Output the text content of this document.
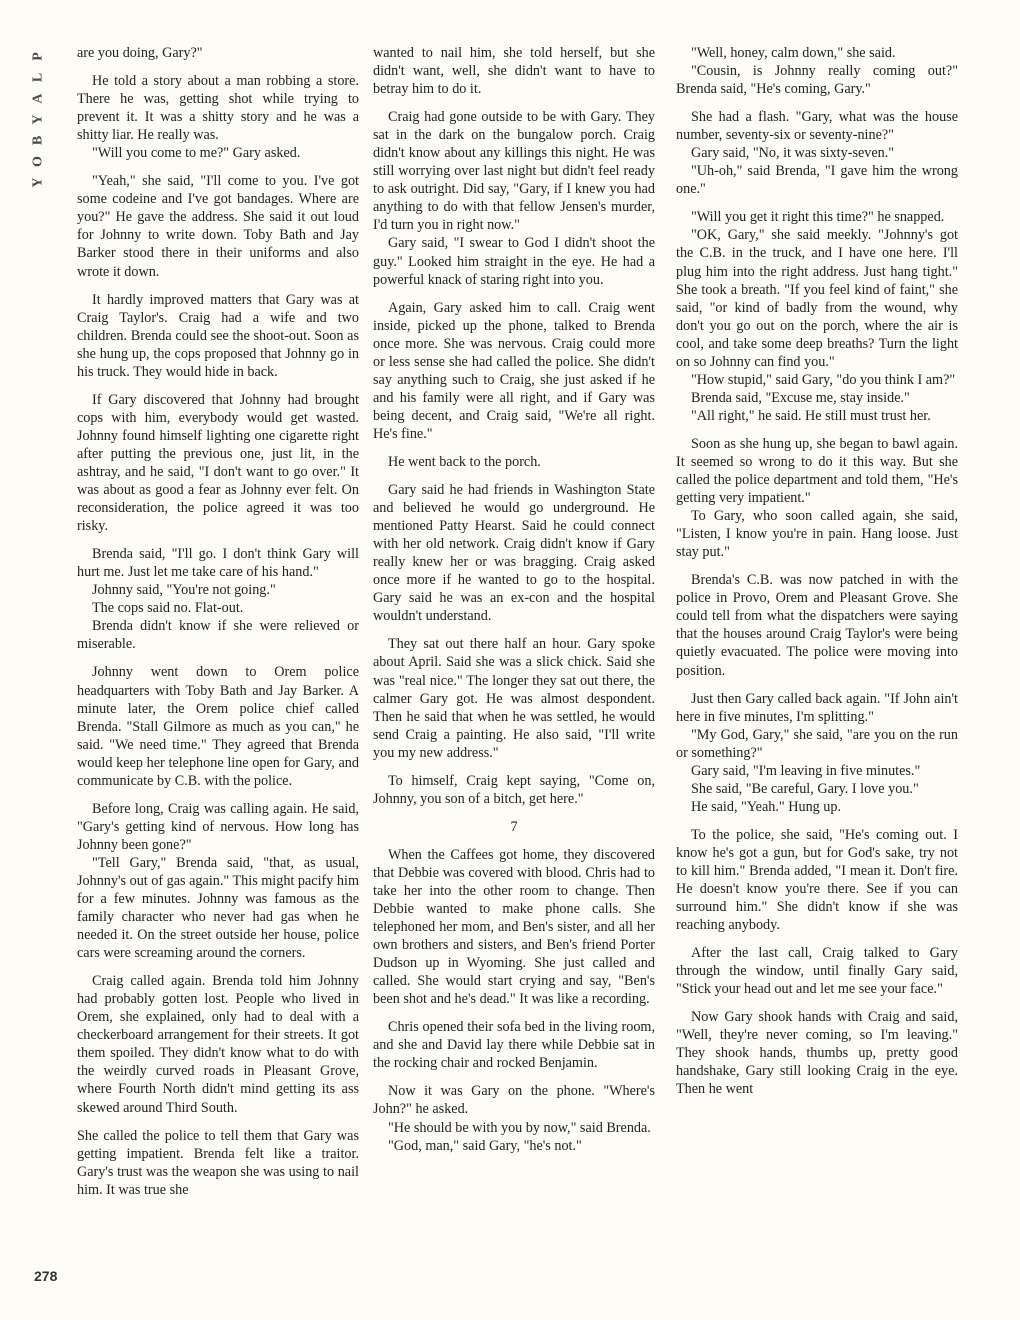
P
L
A
Y
B
O
Y

are you doing, Gary?"

He told a story about a man robbing a store. There he was, getting shot while trying to prevent it. It was a shitty story and he was a shitty liar. He really was.

"Will you come to me?" Gary asked.

"Yeah," she said, "I'll come to you. I've got some codeine and I've got bandages. Where are you?" He gave the address. She said it out loud for Johnny to write down. Toby Bath and Jay Barker stood there in their uniforms and also wrote it down.

It hardly improved matters that Gary was at Craig Taylor's. Craig had a wife and two children. Brenda could see the shoot-out. Soon as she hung up, the cops proposed that Johnny go in his truck. They would hide in back.

If Gary discovered that Johnny had brought cops with him, everybody would get wasted. Johnny found himself lighting one cigarette right after putting the previous one, just lit, in the ashtray, and he said, "I don't want to go over." It was about as good a fear as Johnny ever felt. On reconsideration, the police agreed it was too risky.

Brenda said, "I'll go. I don't think Gary will hurt me. Just let me take care of his hand."

Johnny said, "You're not going."

The cops said no. Flat-out.

Brenda didn't know if she were relieved or miserable.

Johnny went down to Orem police headquarters with Toby Bath and Jay Barker. A minute later, the Orem police chief called Brenda. "Stall Gilmore as much as you can," he said. "We need time." They agreed that Brenda would keep her telephone line open for Gary, and communicate by C.B. with the police.

Before long, Craig was calling again. He said, "Gary's getting kind of nervous. How long has Johnny been gone?"

"Tell Gary," Brenda said, "that, as usual, Johnny's out of gas again." This might pacify him for a few minutes. Johnny was famous as the family character who never had gas when he needed it. On the street outside her house, police cars were screaming around the corners.

Craig called again. Brenda told him Johnny had probably gotten lost. People who lived in Orem, she explained, only had to deal with a checkerboard arrangement for their streets. It got them spoiled. They didn't know what to do with the weirdly curved roads in Pleasant Grove, where Fourth North didn't mind getting its ass skewed around Third South.

She called the police to tell them that Gary was getting impatient. Brenda felt like a traitor. Gary's trust was the weapon she was using to nail him. It was true she

wanted to nail him, she told herself, but she didn't want, well, she didn't want to have to betray him to do it.

Craig had gone outside to be with Gary. They sat in the dark on the bungalow porch. Craig didn't know about any killings this night. He was still worrying over last night but didn't feel ready to ask outright. Did say, "Gary, if I knew you had anything to do with that fellow Jensen's murder, I'd turn you in right now."

Gary said, "I swear to God I didn't shoot the guy." Looked him straight in the eye. He had a powerful knack of staring right into you.

Again, Gary asked him to call. Craig went inside, picked up the phone, talked to Brenda once more. She was nervous. Craig could more or less sense she had called the police. She didn't say anything such to Craig, she just asked if he and his family were all right, and if Gary was being decent, and Craig said, "We're all right. He's fine."

He went back to the porch.

Gary said he had friends in Washington State and believed he would go underground. He mentioned Patty Hearst. Said he could connect with her old network. Craig didn't know if Gary really knew her or was bragging. Craig asked once more if he wanted to go to the hospital. Gary said he was an ex-con and the hospital wouldn't understand.

They sat out there half an hour. Gary spoke about April. Said she was a slick chick. Said she was "real nice." The longer they sat out there, the calmer Gary got. He was almost despondent. Then he said that when he was settled, he would send Craig a painting. He also said, "I'll write you my new address."

To himself, Craig kept saying, "Come on, Johnny, you son of a bitch, get here."

7

When the Caffees got home, they discovered that Debbie was covered with blood. Chris had to take her into the other room to change. Then Debbie wanted to make phone calls. She telephoned her mom, and Ben's sister, and all her own brothers and sisters, and Ben's friend Porter Dudson up in Wyoming. She just called and called. She would start crying and say, "Ben's been shot and he's dead." It was like a recording.

Chris opened their sofa bed in the living room, and she and David lay there while Debbie sat in the rocking chair and rocked Benjamin.

Now it was Gary on the phone. "Where's John?" he asked.

"He should be with you by now," said Brenda.

"God, man," said Gary, "he's not."

"Well, honey, calm down," she said.

"Cousin, is Johnny really coming out?" Brenda said, "He's coming, Gary."

She had a flash. "Gary, what was the house number, seventy-six or seventy-nine?"

Gary said, "No, it was sixty-seven."

"Uh-oh," said Brenda, "I gave him the wrong one."

"Will you get it right this time?" he snapped.

"OK, Gary," she said meekly. "Johnny's got the C.B. in the truck, and I have one here. I'll plug him into the right address. Just hang tight." She took a breath. "If you feel kind of faint," she said, "or kind of badly from the wound, why don't you go out on the porch, where the air is cool, and take some deep breaths? Turn the light on so Johnny can find you."

"How stupid," said Gary, "do you think I am?"

Brenda said, "Excuse me, stay inside."

"All right," he said. He still must trust her.

Soon as she hung up, she began to bawl again. It seemed so wrong to do it this way. But she called the police department and told them, "He's getting very impatient."

To Gary, who soon called again, she said, "Listen, I know you're in pain. Hang loose. Just stay put."

Brenda's C.B. was now patched in with the police in Provo, Orem and Pleasant Grove. She could tell from what the dispatchers were saying that the houses around Craig Taylor's were being quietly evacuated. The police were moving into position.

Just then Gary called back again. "If John ain't here in five minutes, I'm splitting."

"My God, Gary," she said, "are you on the run or something?"

Gary said, "I'm leaving in five minutes."

She said, "Be careful, Gary. I love you."

He said, "Yeah." Hung up.

To the police, she said, "He's coming out. I know he's got a gun, but for God's sake, try not to kill him." Brenda added, "I mean it. Don't fire. He doesn't know you're there. See if you can surround him." She didn't know if she was reaching anybody.

After the last call, Craig talked to Gary through the window, until finally Gary said, "Stick your head out and let me see your face."

Now Gary shook hands with Craig and said, "Well, they're never coming, so I'm leaving." They shook hands, thumbs up, pretty good handshake, Gary still looking Craig in the eye. Then he went

278
